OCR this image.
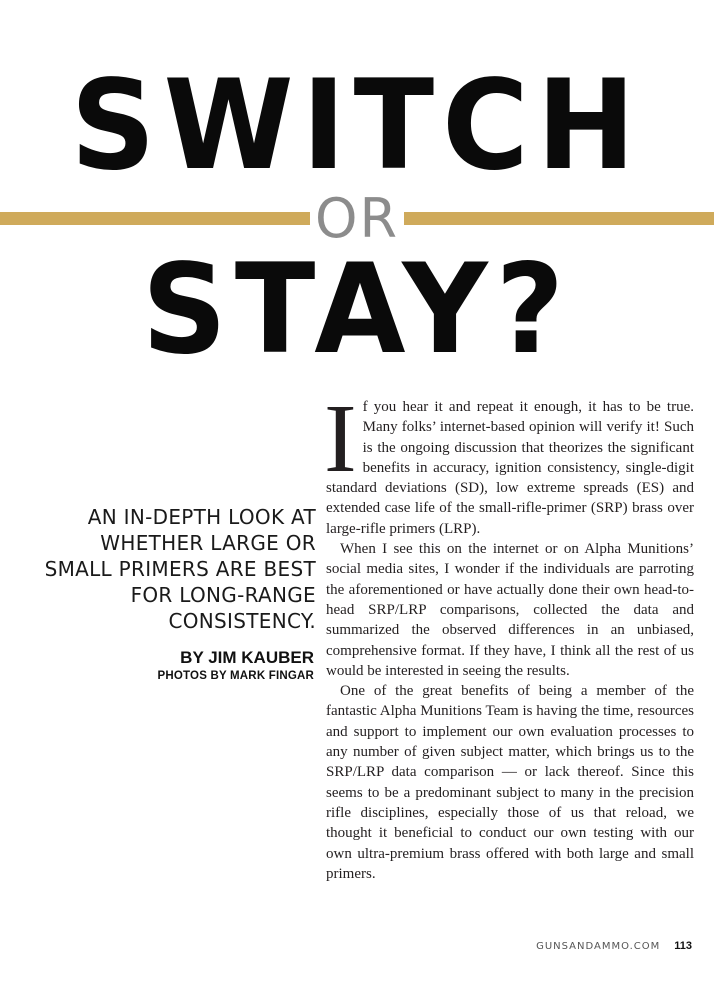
SWITCH
OR
STAY?
AN IN-DEPTH LOOK AT WHETHER LARGE OR SMALL PRIMERS ARE BEST FOR LONG-RANGE CONSISTENCY.
BY JIM KAUBER
PHOTOS BY MARK FINGAR

If you hear it and repeat it enough, it has to be true. Many folks’ internet-based opinion will verify it! Such is the ongoing discussion that theorizes the significant benefits in accuracy, ignition consistency, single-digit standard deviations (SD), low extreme spreads (ES) and extended case life of the small-rifle-primer (SRP) brass over large-rifle primers (LRP).

When I see this on the internet or on Alpha Munitions’ social media sites, I wonder if the individuals are parroting the aforementioned or have actually done their own head-to-head SRP/LRP comparisons, collected the data and summarized the observed differences in an unbiased, comprehensive format. If they have, I think all the rest of us would be interested in seeing the results.

One of the great benefits of being a member of the fantastic Alpha Munitions Team is having the time, resources and support to implement our own evaluation processes to any number of given subject matter, which brings us to the SRP/LRP data comparison — or lack thereof. Since this seems to be a predominant subject to many in the precision rifle disciplines, especially those of us that reload, we thought it beneficial to conduct our own testing with our own ultra-premium brass offered with both large and small primers.

GUNSANDAMMO.COM 113
